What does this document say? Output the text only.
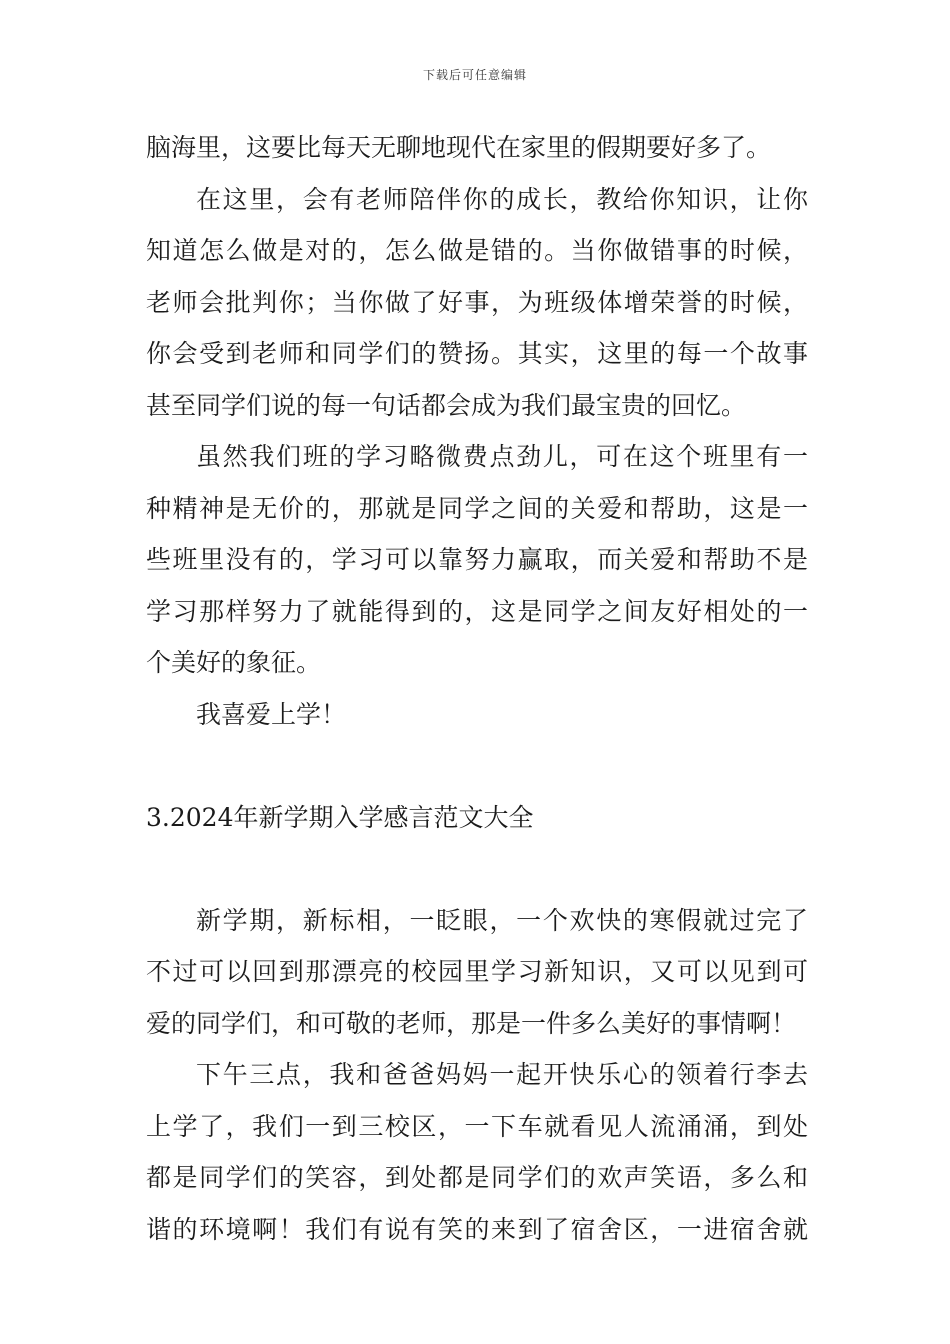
下载后可任意编辑
脑海里，这要比每天无聊地现代在家里的假期要好多了。
在这里，会有老师陪伴你的成长，教给你知识，让你
知道怎么做是对的，怎么做是错的。当你做错事的时候，
老师会批判你；当你做了好事，为班级体增荣誉的时候，
你会受到老师和同学们的赞扬。其实，这里的每一个故事
甚至同学们说的每一句话都会成为我们最宝贵的回忆。
虽然我们班的学习略微费点劲儿，可在这个班里有一
种精神是无价的，那就是同学之间的关爱和帮助，这是一
些班里没有的，学习可以靠努力赢取，而关爱和帮助不是
学习那样努力了就能得到的，这是同学之间友好相处的一
个美好的象征。
我喜爱上学！
3.2024年新学期入学感言范文大全
新学期，新标相，一眨眼，一个欢快的寒假就过完了
不过可以回到那漂亮的校园里学习新知识，又可以见到可
爱的同学们，和可敬的老师，那是一件多么美好的事情啊！
下午三点，我和爸爸妈妈一起开快乐心的领着行李去
上学了，我们一到三校区，一下车就看见人流涌涌，到处
都是同学们的笑容，到处都是同学们的欢声笑语，多么和
谐的环境啊！我们有说有笑的来到了宿舍区，一进宿舍就
